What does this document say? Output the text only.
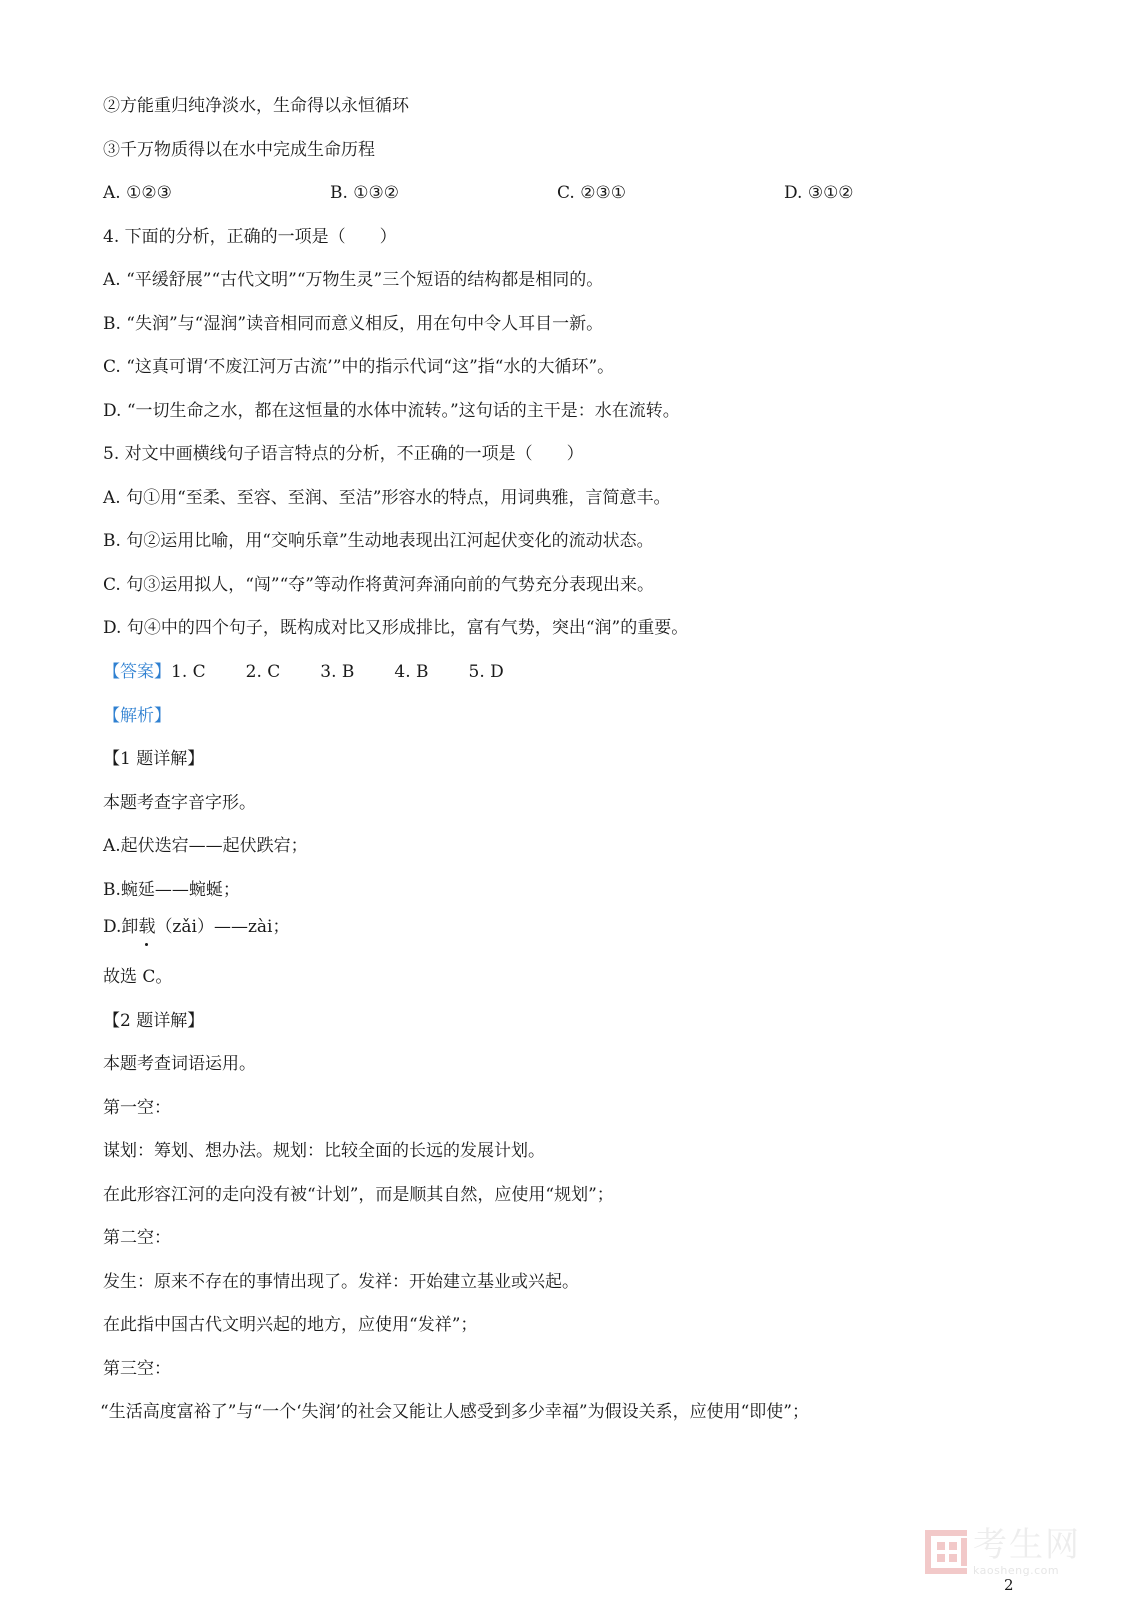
②方能重归纯净淡水，生命得以永恒循环
③千万物质得以在水中完成生命历程
A. ①②③	B. ①③②	C. ②③①	D. ③①②
4. 下面的分析，正确的一项是（　　）
A. “平缓舒展”“古代文明”“万物生灵”三个短语的结构都是相同的。
B. “失润”与“湿润”读音相同而意义相反，用在句中令人耳目一新。
C. “这真可谓‘不废江河万古流’”中的指示代词“这”指“水的大循环”。
D. “一切生命之水，都在这恒量的水体中流转。”这句话的主干是：水在流转。
5. 对文中画横线句子语言特点的分析，不正确的一项是（　　）
A. 句①用“至柔、至容、至润、至洁”形容水的特点，用词典雅，言简意丰。
B. 句②运用比喻，用“交响乐章”生动地表现出江河起伏变化的流动状态。
C. 句③运用拟人，“闯”“夺”等动作将黄河奔涌向前的气势充分表现出来。
D. 句④中的四个句子，既构成对比又形成排比，富有气势，突出“润”的重要。
【答案】1. C 2. C 3. B 4. B 5. D
【解析】
【1 题详解】
本题考查字音字形。
A.起伏迭宕——起伏跌宕；
B.蜿延——蜿蜒；
D.卸载（zǎi）——zài；
故选 C。
【2 题详解】
本题考查词语运用。
第一空：
谋划：筹划、想办法。规划：比较全面的长远的发展计划。
在此形容江河的走向没有被“计划”，而是顺其自然，应使用“规划”；
第二空：
发生：原来不存在的事情出现了。发祥：开始建立基业或兴起。
在此指中国古代文明兴起的地方，应使用“发祥”；
第三空：
“生活高度富裕了”与“一个‘失润’的社会又能让人感受到多少幸福”为假设关系，应使用“即使”；
考生网
kaosheng.com
2
